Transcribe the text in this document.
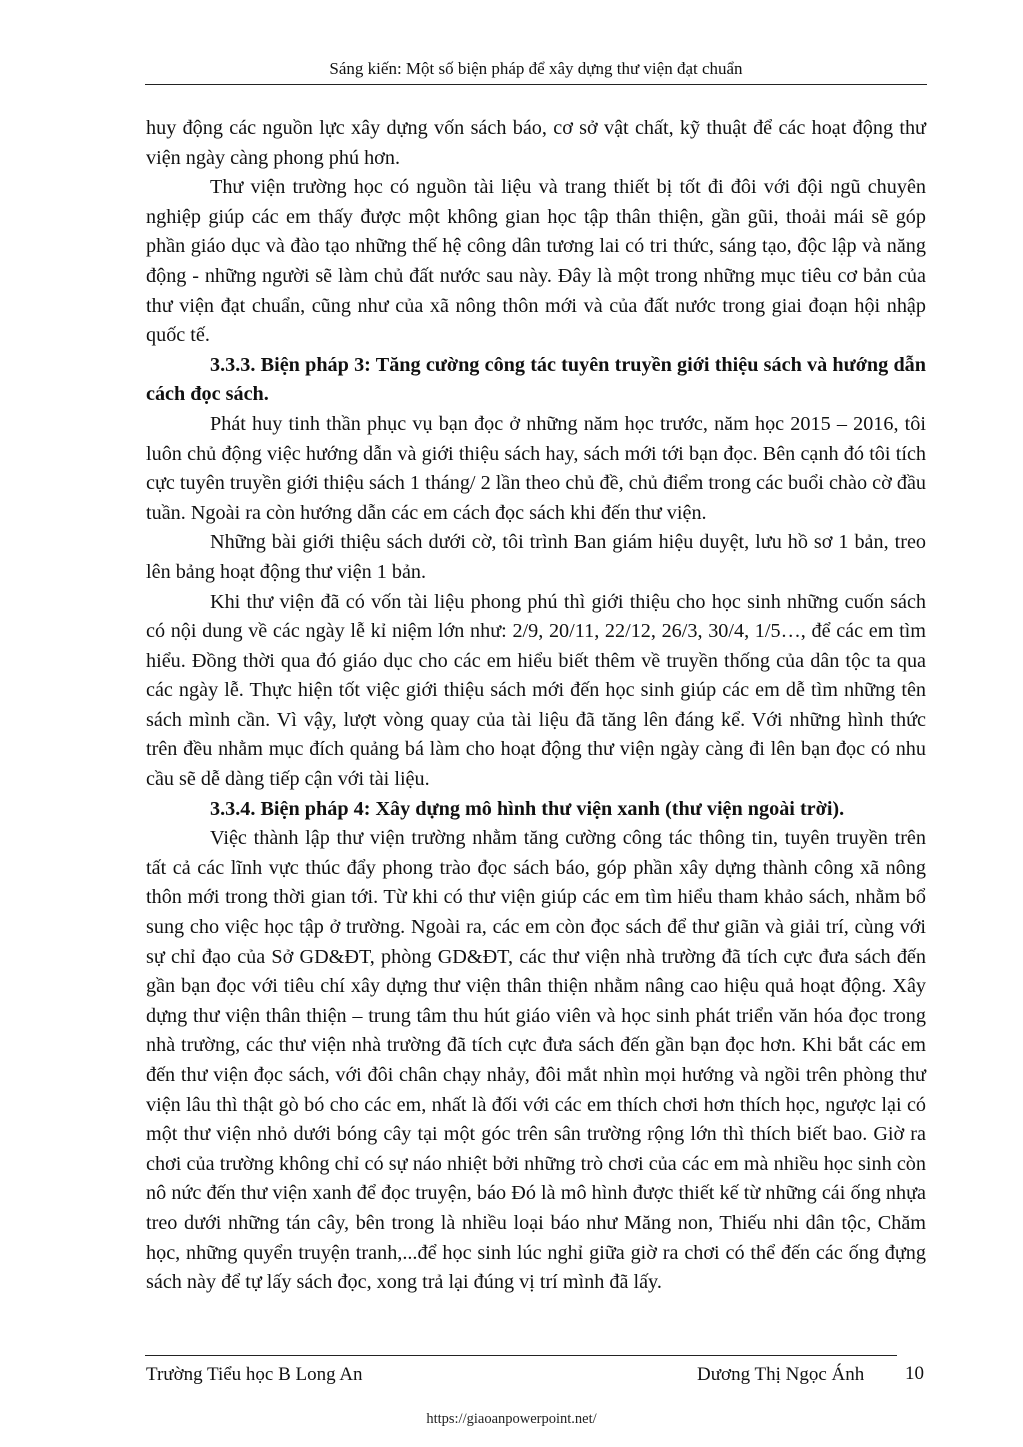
Sáng kiến: Một số biện pháp để xây dựng thư viện đạt chuẩn

huy động các nguồn lực xây dựng vốn sách báo, cơ sở vật chất, kỹ thuật để các hoạt động thư viện ngày càng phong phú hơn.

Thư viện trường học có nguồn tài liệu và trang thiết bị tốt đi đôi với đội ngũ chuyên nghiệp giúp các em thấy được một không gian học tập thân thiện, gần gũi, thoải mái sẽ góp phần giáo dục và đào tạo những thế hệ công dân tương lai có tri thức, sáng tạo, độc lập và năng động - những người sẽ làm chủ đất nước sau này. Đây là một trong những mục tiêu cơ bản của thư viện đạt chuẩn, cũng như của xã nông thôn mới và của đất nước trong giai đoạn hội nhập quốc tế.

3.3.3. Biện pháp 3: Tăng cường công tác tuyên truyền giới thiệu sách và hướng dẫn cách đọc sách.

Phát huy tinh thần phục vụ bạn đọc ở những năm học trước, năm học 2015 – 2016, tôi luôn chủ động việc hướng dẫn và giới thiệu sách hay, sách mới tới bạn đọc. Bên cạnh đó tôi tích cực tuyên truyền giới thiệu sách 1 tháng/ 2 lần theo chủ đề, chủ điểm trong các buổi chào cờ đầu tuần. Ngoài ra còn hướng dẫn các em cách đọc sách khi đến thư viện.

Những bài giới thiệu sách dưới cờ, tôi trình Ban giám hiệu duyệt, lưu hồ sơ 1 bản, treo lên bảng hoạt động thư viện 1 bản.

Khi thư viện đã có vốn tài liệu phong phú thì giới thiệu cho học sinh những cuốn sách có nội dung về các ngày lễ kỉ niệm lớn như: 2/9, 20/11, 22/12, 26/3, 30/4, 1/5…, để các em tìm hiểu. Đồng thời qua đó giáo dục cho các em hiểu biết thêm về truyền thống của dân tộc ta qua các ngày lễ. Thực hiện tốt việc giới thiệu sách mới đến học sinh giúp các em dễ tìm những tên sách mình cần. Vì vậy, lượt vòng quay của tài liệu đã tăng lên đáng kể. Với những hình thức trên đều nhằm mục đích quảng bá làm cho hoạt động thư viện ngày càng đi lên bạn đọc có nhu cầu sẽ dễ dàng tiếp cận với tài liệu.

3.3.4. Biện pháp 4: Xây dựng mô hình thư viện xanh (thư viện ngoài trời).

Việc thành lập thư viện trường nhằm tăng cường công tác thông tin, tuyên truyền trên tất cả các lĩnh vực thúc đẩy phong trào đọc sách báo, góp phần xây dựng thành công xã nông thôn mới trong thời gian tới. Từ khi có thư viện giúp các em tìm hiểu tham khảo sách, nhằm bổ sung cho việc học tập ở trường. Ngoài ra, các em còn đọc sách để thư giãn và giải trí, cùng với sự chỉ đạo của Sở GD&ĐT, phòng GD&ĐT, các thư viện nhà trường đã tích cực đưa sách đến gần bạn đọc với tiêu chí xây dựng thư viện thân thiện nhằm nâng cao hiệu quả hoạt động. Xây dựng thư viện thân thiện – trung tâm thu hút giáo viên và học sinh phát triển văn hóa đọc trong nhà trường, các thư viện nhà trường đã tích cực đưa sách đến gần bạn đọc hơn. Khi bắt các em đến thư viện đọc sách, với đôi chân chạy nhảy, đôi mắt nhìn mọi hướng và ngồi trên phòng thư viện lâu thì thật gò bó cho các em, nhất là đối với các em thích chơi hơn thích học, ngược lại có một thư viện nhỏ dưới bóng cây tại một góc trên sân trường rộng lớn thì thích biết bao. Giờ ra chơi của trường không chỉ có sự náo nhiệt bởi những trò chơi của các em mà nhiều học sinh còn nô nức đến thư viện xanh để đọc truyện, báo Đó là mô hình được thiết kế từ những cái ống nhựa treo dưới những tán cây, bên trong là nhiều loại báo như Măng non, Thiếu nhi dân tộc, Chăm học, những quyển truyện tranh,...để học sinh lúc nghỉ giữa giờ ra chơi có thể đến các ống đựng sách này để tự lấy sách đọc, xong trả lại đúng vị trí mình đã lấy.

Trường Tiểu học B Long An	Dương Thị Ngọc Ánh 10
https://giaoanpowerpoint.net/
